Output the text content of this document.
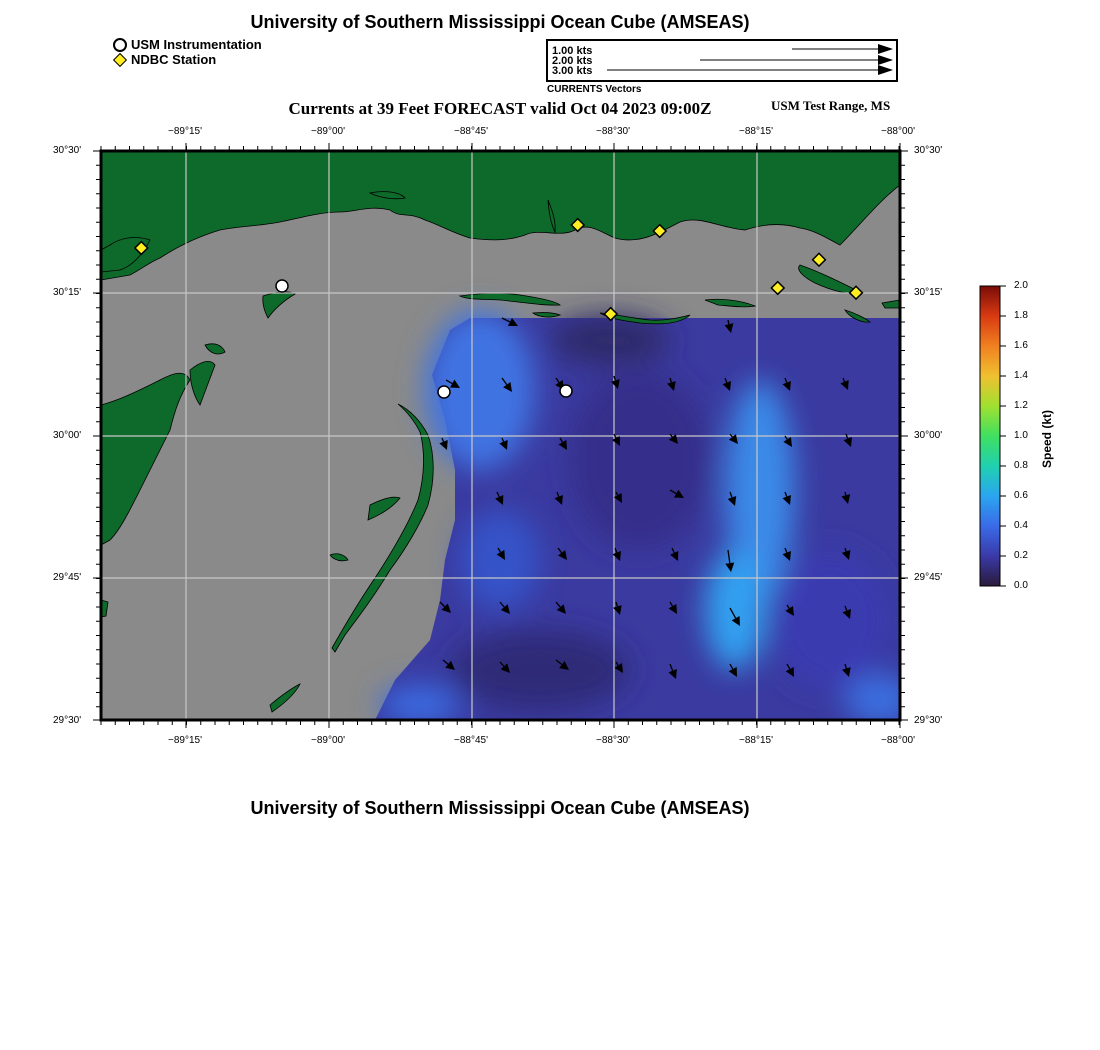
University of Southern Mississippi Ocean Cube (AMSEAS)
USM Instrumentation
NDBC Station
1.00 kts
2.00 kts
3.00 kts
CURRENTS Vectors
Currents at 39 Feet FORECAST valid Oct 04 2023 09:00Z	USM Test Range, MS
−89°15'	−89°00'	−88°45'	−88°30'	−88°15'	−88°00'
−89°15'	−89°00'	−88°45'	−88°30'	−88°15'	−88°00'
30°30'
30°15'
30°00'
29°45'
29°30'
30°30'
30°15'
30°00'
29°45'
29°30'
0.0
0.2
0.4
0.6
0.8
1.0
1.2
1.4
1.6
1.8
2.0
Speed (kt)
University of Southern Mississippi Ocean Cube (AMSEAS)
